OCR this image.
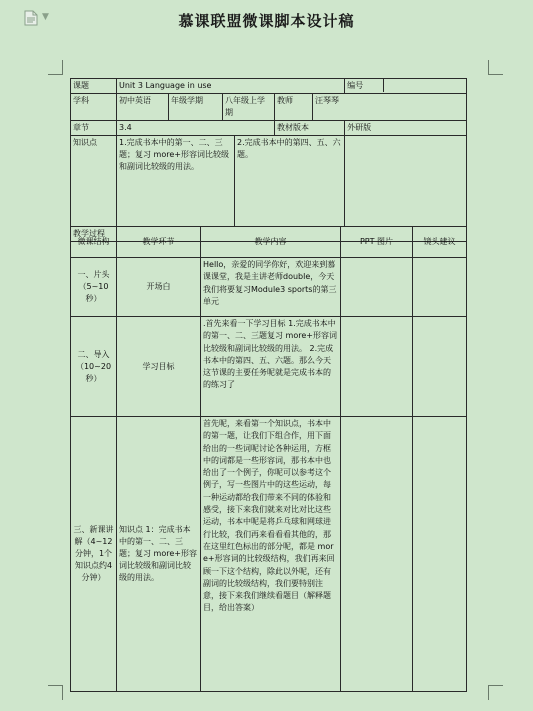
▼	慕课联盟微课脚本设计稿
课题	Unit 3 Language in use						编号

学科	初中英语	年级学期	八年级上学期		教师	汪琴琴	
章节	3.4				教材版本		外研版
知识点	1.完成书本中的第一、二、三题；复习 more+形容词比较级和副词比较级的用法。			2.完成书本中的第四、五、六题。			
教学过程							
微课结构	教学环节	教学内容	PPT 图片	镜头建议
一、片头（5~10秒）	开场白	Hello，亲爱的同学你好，欢迎来到慕课课堂，我是主讲老师double，今天我们将要复习Module3 sports的第三单元		
二、导入（10~20秒）	学习目标	.首先来看一下学习目标 1.完成书本中的第一、二、三题复习 more+形容词比较级和副词比较级的用法。 2.完成书本中的第四、五、六题。那么今天这节课的主要任务呢就是完成书本的的练习了		
三、新课讲解（4~12分钟，1个知识点约4分钟）	知识点 1：完成书本中的第一、二、三题；复习 more+形容词比较级和副词比较级的用法。	首先呢，来看第一个知识点，书本中的第一题，让我们下组合作，用下面给出的一些词呢讨论各种运用，方框中的词都是一些形容词，那书本中也给出了一个例子，你呢可以参考这个例子，写一些图片中的这些运动，每一种运动都给我们带来不同的体验和感受，接下来我们就来对比对比这些运动，书本中呢是将乒乓球和网球进行比较，我们再来看看看其他的，那在这里红色标出的部分呢，都是 more+形容词的比较级结构，我们再来回顾一下这个结构，除此以外呢，还有副词的比较级结构，我们要特别注意，接下来我们继续看题目（解释题目，给出答案）		
